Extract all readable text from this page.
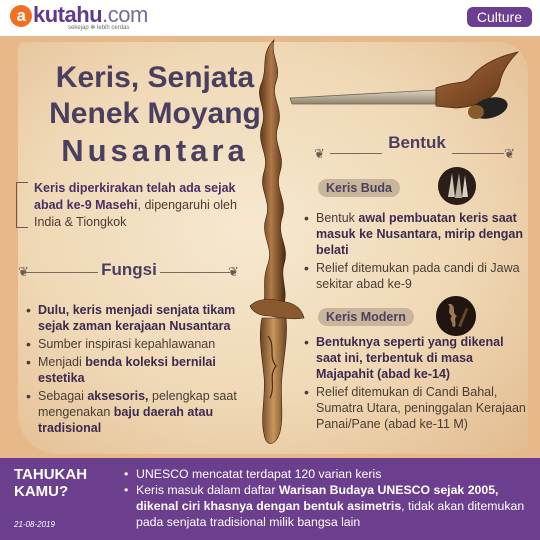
a kutahu.com
sekejap ✻ lebih cerdas
Culture
Keris, Senjata
Nenek Moyang
Nusantara
Keris diperkirakan telah ada sejak abad ke-9 Masehi, dipengaruhi oleh India & Tiongkok
Fungsi
❦	❦
• Dulu, keris menjadi senjata tikam sejak zaman kerajaan Nusantara
• Sumber inspirasi kepahlawanan
• Menjadi benda koleksi bernilai estetika
• Sebagai aksesoris, pelengkap saat mengenakan baju daerah atau tradisional
❦
Bentuk
❦
Keris Buda
• Bentuk awal pembuatan keris saat masuk ke Nusantara, mirip dengan belati
• Relief ditemukan pada candi di Jawa sekitar abad ke-9
Keris Modern
• Bentuknya seperti yang dikenal saat ini, terbentuk di masa Majapahit (abad ke-14)
• Relief ditemukan di Candi Bahal, Sumatra Utara, peninggalan Kerajaan Panai/Pane (abad ke-11 M)
TAHUKAH
KAMU?
21-08-2019
• UNESCO mencatat terdapat 120 varian keris
• Keris masuk dalam daftar Warisan Budaya UNESCO sejak 2005, dikenal ciri khasnya dengan bentuk asimetris, tidak akan ditemukan pada senjata tradisional milik bangsa lain
